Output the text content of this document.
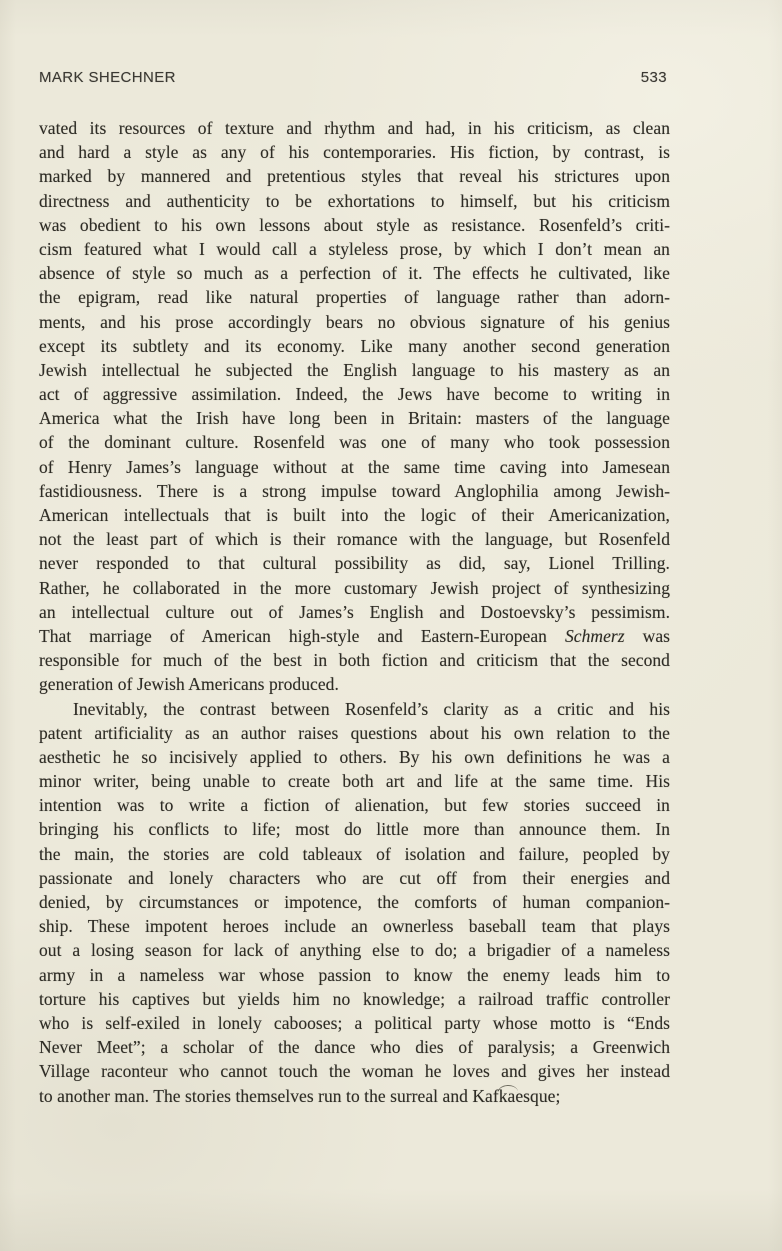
MARK SHECHNER	533
vated its resources of texture and rhythm and had, in his criticism, as clean
and hard a style as any of his contemporaries. His fiction, by contrast, is
marked by mannered and pretentious styles that reveal his strictures upon
directness and authenticity to be exhortations to himself, but his criticism
was obedient to his own lessons about style as resistance. Rosenfeld’s criti-
cism featured what I would call a styleless prose, by which I don’t mean an
absence of style so much as a perfection of it. The effects he cultivated, like
the epigram, read like natural properties of language rather than adorn-
ments, and his prose accordingly bears no obvious signature of his genius
except its subtlety and its economy. Like many another second generation
Jewish intellectual he subjected the English language to his mastery as an
act of aggressive assimilation. Indeed, the Jews have become to writing in
America what the Irish have long been in Britain: masters of the language
of the dominant culture. Rosenfeld was one of many who took possession
of Henry James’s language without at the same time caving into Jamesean
fastidiousness. There is a strong impulse toward Anglophilia among Jewish-
American intellectuals that is built into the logic of their Americanization,
not the least part of which is their romance with the language, but Rosenfeld
never responded to that cultural possibility as did, say, Lionel Trilling.
Rather, he collaborated in the more customary Jewish project of synthesizing
an intellectual culture out of James’s English and Dostoevsky’s pessimism.
That marriage of American high-style and Eastern-European Schmerz was
responsible for much of the best in both fiction and criticism that the second
generation of Jewish Americans produced.
Inevitably, the contrast between Rosenfeld’s clarity as a critic and his
patent artificiality as an author raises questions about his own relation to the
aesthetic he so incisively applied to others. By his own definitions he was a
minor writer, being unable to create both art and life at the same time. His
intention was to write a fiction of alienation, but few stories succeed in
bringing his conflicts to life; most do little more than announce them. In
the main, the stories are cold tableaux of isolation and failure, peopled by
passionate and lonely characters who are cut off from their energies and
denied, by circumstances or impotence, the comforts of human companion-
ship. These impotent heroes include an ownerless baseball team that plays
out a losing season for lack of anything else to do; a brigadier of a nameless
army in a nameless war whose passion to know the enemy leads him to
torture his captives but yields him no knowledge; a railroad traffic controller
who is self-exiled in lonely cabooses; a political party whose motto is “Ends
Never Meet”; a scholar of the dance who dies of paralysis; a Greenwich
Village raconteur who cannot touch the woman he loves and gives her instead
to another man. The stories themselves run to the surreal and Kafkaesque;
